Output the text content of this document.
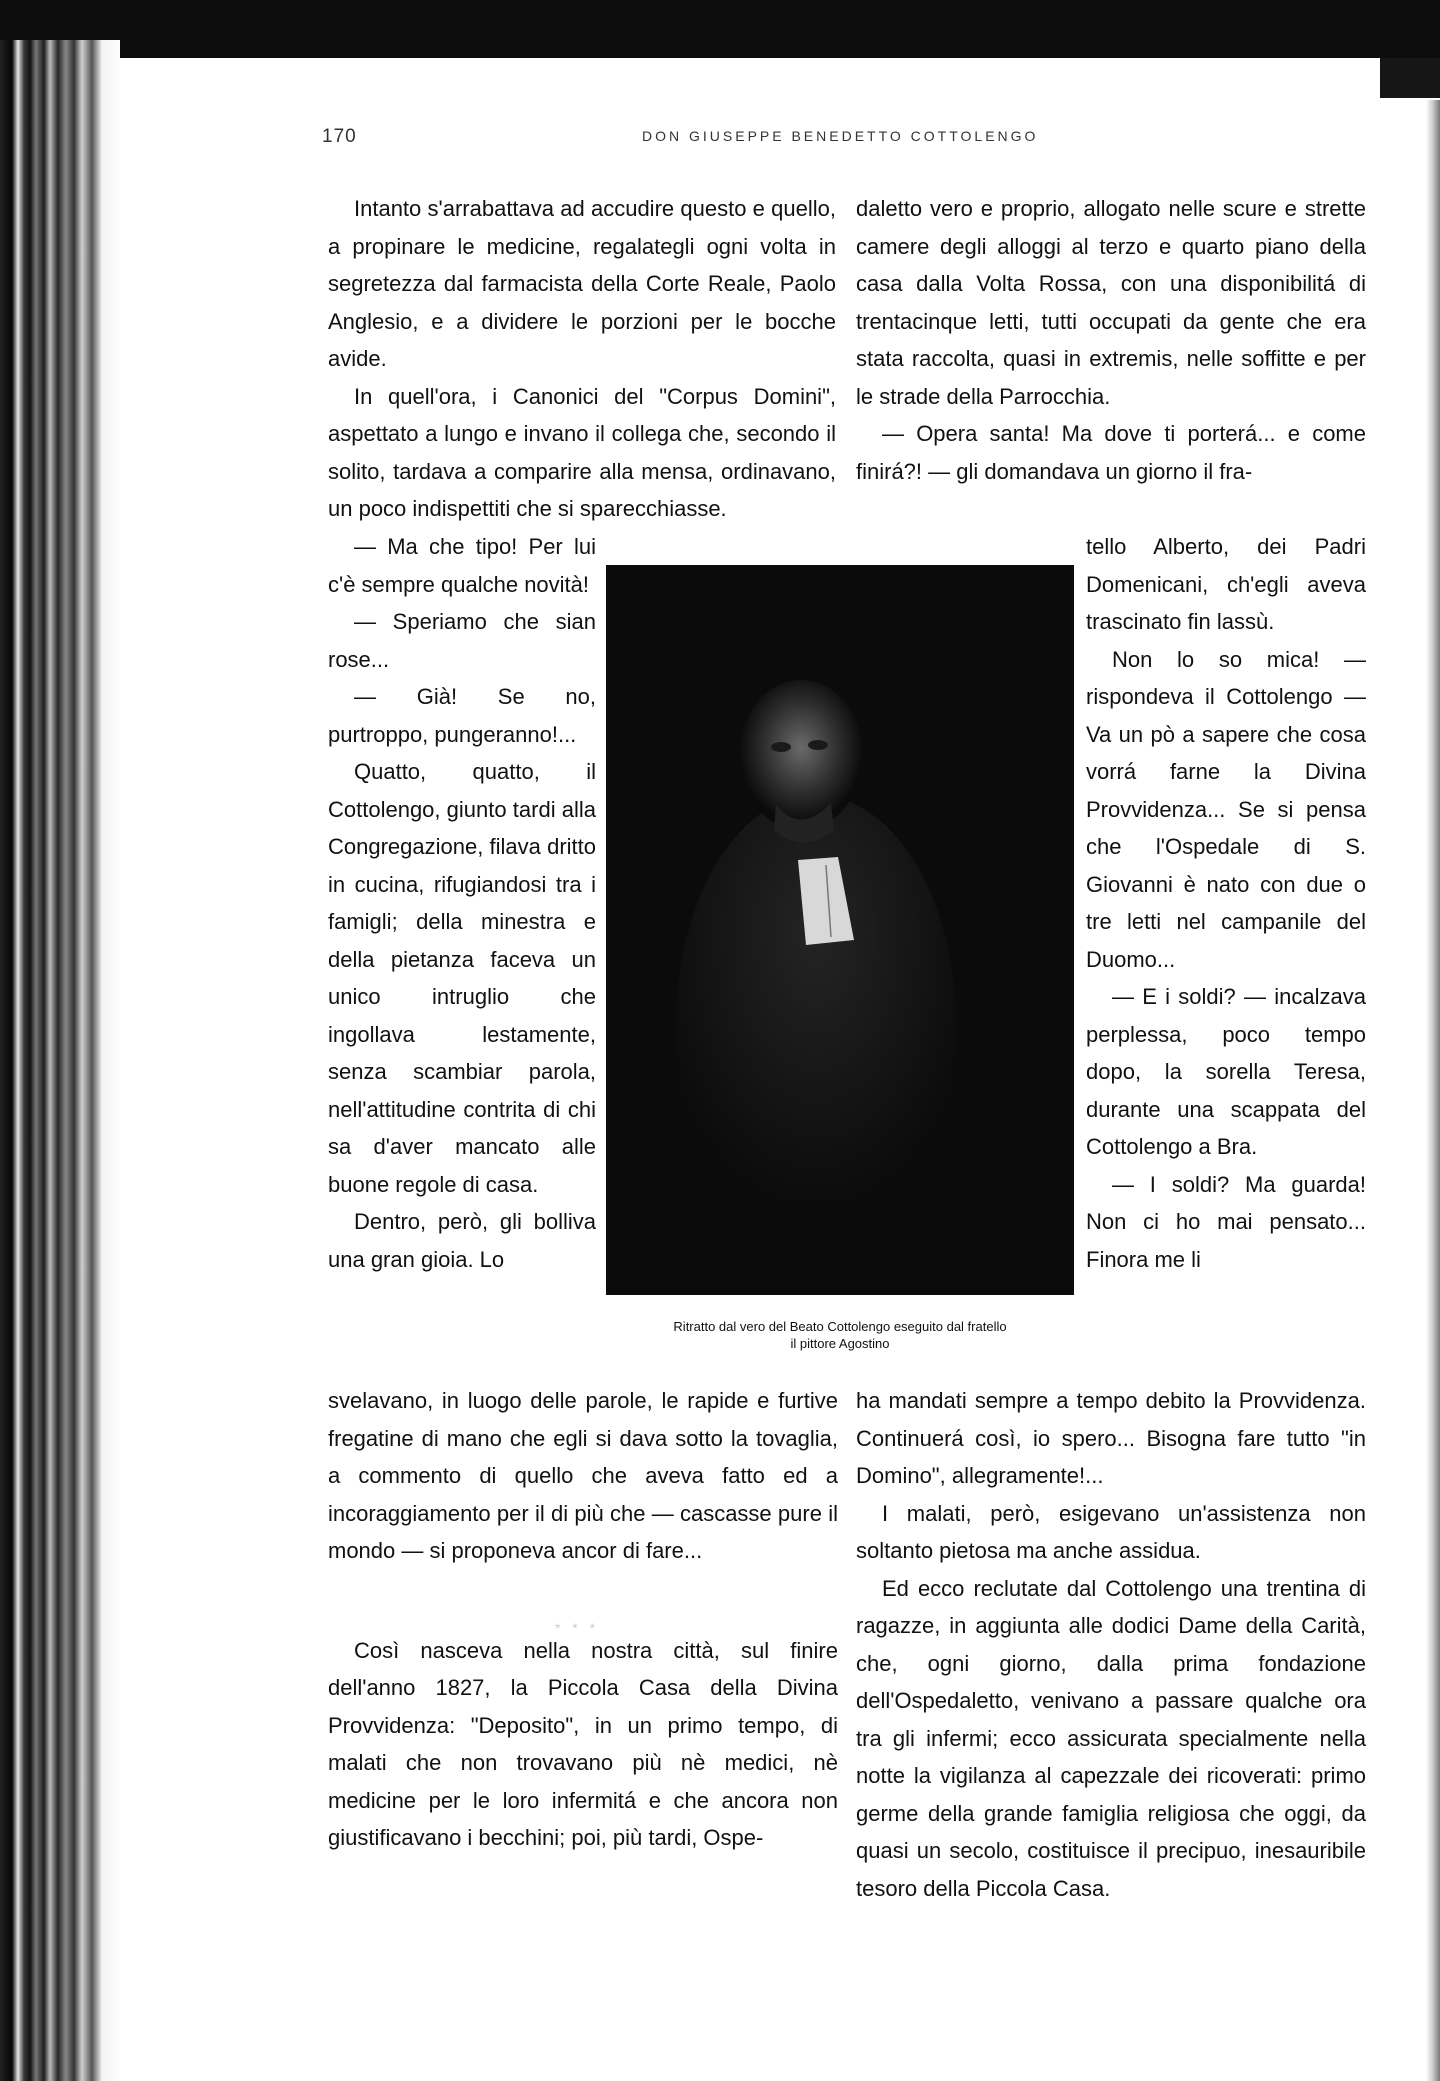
170	DON GIUSEPPE BENEDETTO COTTOLENGO

Intanto s'arrabattava ad accudire questo e quello, a propinare le medicine, regalategli ogni volta in segretezza dal farmacista della Corte Reale, Paolo Anglesio, e a dividere le porzioni per le bocche avide.

In quell'ora, i Canonici del "Corpus Domini", aspettato a lungo e invano il collega che, secondo il solito, tardava a comparire alla mensa, ordinavano, un poco indispettiti che si sparecchiasse.

— Ma che tipo! Per lui c'è sempre qualche novità!

— Speriamo che sian rose...

— Già! Se no, purtroppo, pungeranno!...

Quatto, quatto, il Cottolengo, giunto tardi alla Congregazione, filava dritto in cucina, rifugiandosi tra i famigli; della minestra e della pietanza faceva un unico intruglio che ingollava lestamente, senza scambiar parola, nell'attitudine contrita di chi sa d'aver mancato alle buone regole di casa.

Dentro, però, gli bolliva una gran gioia. Lo

daletto vero e proprio, allogato nelle scure e strette camere degli alloggi al terzo e quarto piano della casa dalla Volta Rossa, con una disponibilitá di trentacinque letti, tutti occupati da gente che era stata raccolta, quasi in extremis, nelle soffitte e per le strade della Parrocchia.

— Opera santa! Ma dove ti porterá... e come finirá?! — gli domandava un giorno il fra-

tello Alberto, dei Padri Domenicani, ch'egli aveva trascinato fin lassù.

Non lo so mica! — rispondeva il Cottolengo — Va un pò a sapere che cosa vorrá farne la Divina Provvidenza... Se si pensa che l'Ospedale di S. Giovanni è nato con due o tre letti nel campanile del Duomo...

— E i soldi? — incalzava perplessa, poco tempo dopo, la sorella Teresa, durante una scappata del Cottolengo a Bra.

— I soldi? Ma guarda! Non ci ho mai pensato... Finora me li

Ritratto dal vero del Beato Cottolengo eseguito dal fratello
il pittore Agostino

svelavano, in luogo delle parole, le rapide e furtive fregatine di mano che egli si dava sotto la tovaglia, a commento di quello che aveva fatto ed a incoraggiamento per il di più che — cascasse pure il mondo — si proponeva ancor di fare...

Così nasceva nella nostra città, sul finire dell'anno 1827, la Piccola Casa della Divina Provvidenza: "Deposito", in un primo tempo, di malati che non trovavano più nè medici, nè medicine per le loro infermitá e che ancora non giustificavano i becchini; poi, più tardi, Ospe-

* * *

ha mandati sempre a tempo debito la Provvidenza. Continuerá così, io spero... Bisogna fare tutto "in Domino", allegramente!...

I malati, però, esigevano un'assistenza non soltanto pietosa ma anche assidua.

Ed ecco reclutate dal Cottolengo una trentina di ragazze, in aggiunta alle dodici Dame della Carità, che, ogni giorno, dalla prima fondazione dell'Ospedaletto, venivano a passare qualche ora tra gli infermi; ecco assicurata specialmente nella notte la vigilanza al capezzale dei ricoverati: primo germe della grande famiglia religiosa che oggi, da quasi un secolo, costituisce il precipuo, inesauribile tesoro della Piccola Casa.
